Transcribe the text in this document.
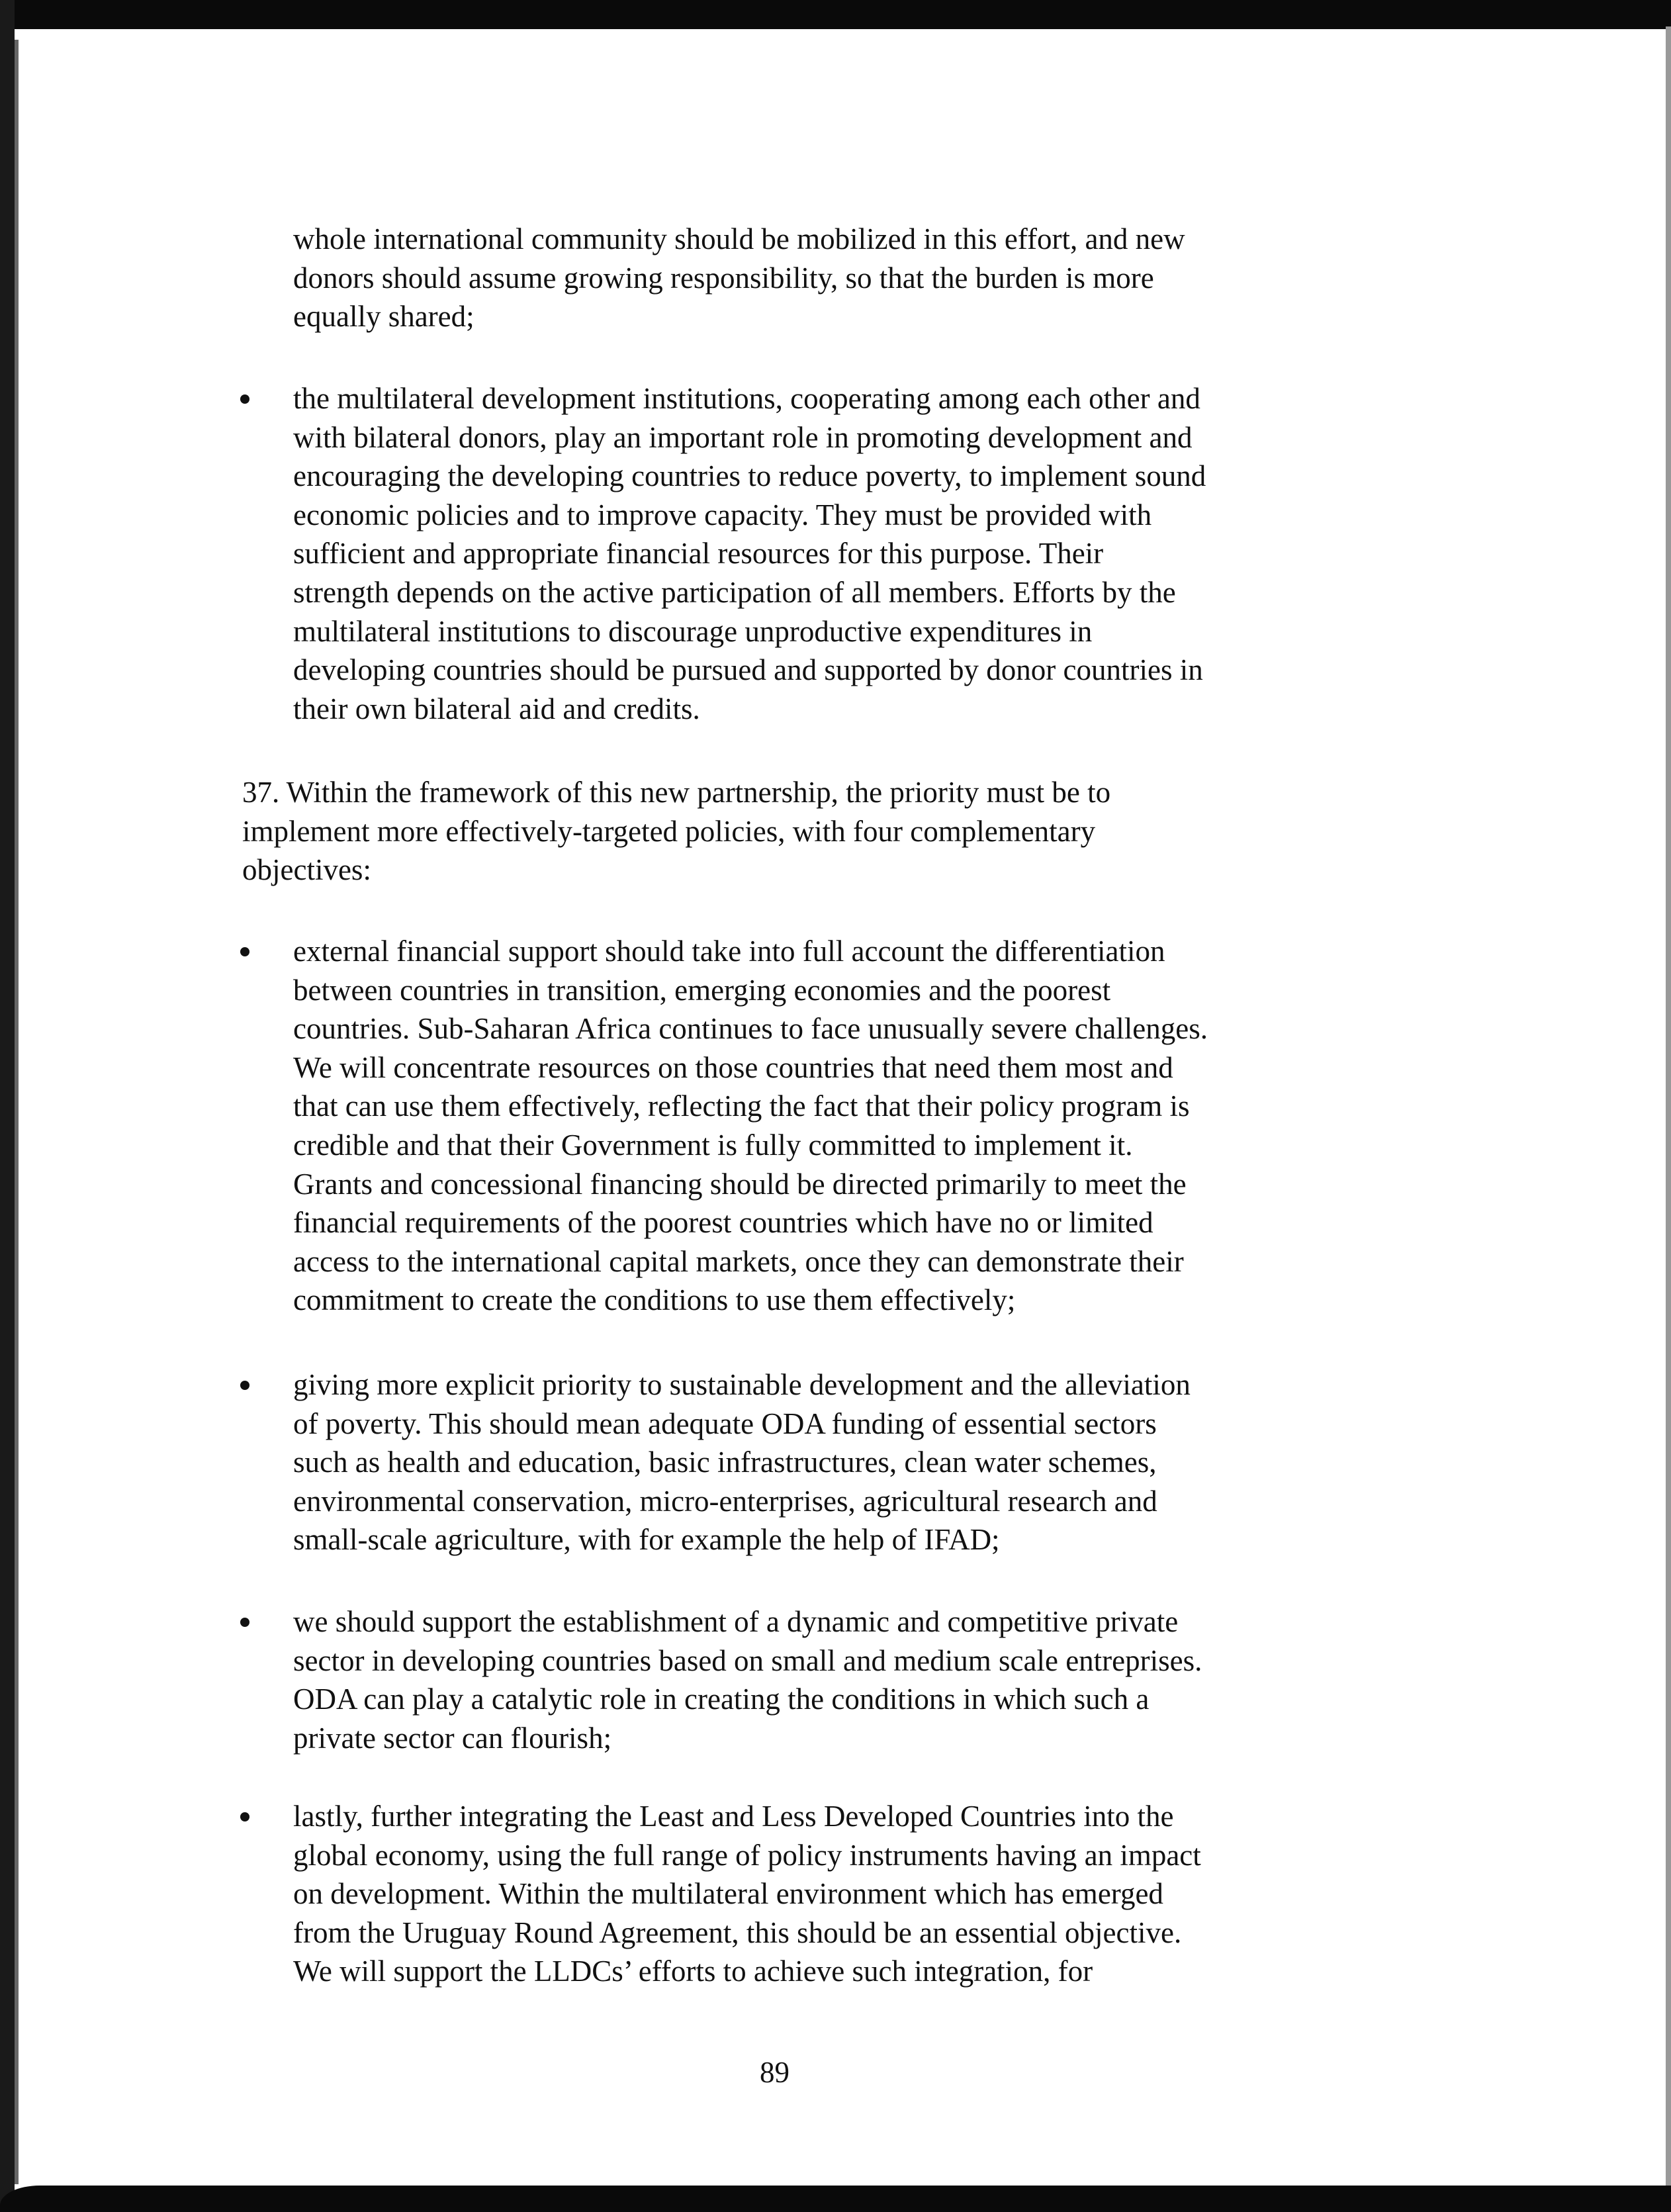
whole international community should be mobilized in this effort, and new
donors should assume growing responsibility, so that the burden is more
equally shared;
the multilateral development institutions, cooperating among each other and
with bilateral donors, play an important role in promoting development and
encouraging the developing countries to reduce poverty, to implement sound
economic policies and to improve capacity. They must be provided with
sufficient and appropriate financial resources for this purpose. Their
strength depends on the active participation of all members. Efforts by the
multilateral institutions to discourage unproductive expenditures in
developing countries should be pursued and supported by donor countries in
their own bilateral aid and credits.
37. Within the framework of this new partnership, the priority must be to
implement more effectively-targeted policies, with four complementary
objectives:
external financial support should take into full account the differentiation
between countries in transition, emerging economies and the poorest
countries. Sub-Saharan Africa continues to face unusually severe challenges.
We will concentrate resources on those countries that need them most and
that can use them effectively, reflecting the fact that their policy program is
credible and that their Government is fully committed to implement it.
Grants and concessional financing should be directed primarily to meet the
financial requirements of the poorest countries which have no or limited
access to the international capital markets, once they can demonstrate their
commitment to create the conditions to use them effectively;
giving more explicit priority to sustainable development and the alleviation
of poverty. This should mean adequate ODA funding of essential sectors
such as health and education, basic infrastructures, clean water schemes,
environmental conservation, micro-enterprises, agricultural research and
small-scale agriculture, with for example the help of IFAD;
we should support the establishment of a dynamic and competitive private
sector in developing countries based on small and medium scale entreprises.
ODA can play a catalytic role in creating the conditions in which such a
private sector can flourish;
lastly, further integrating the Least and Less Developed Countries into the
global economy, using the full range of policy instruments having an impact
on development. Within the multilateral environment which has emerged
from the Uruguay Round Agreement, this should be an essential objective.
We will support the LLDCs’ efforts to achieve such integration, for
89
